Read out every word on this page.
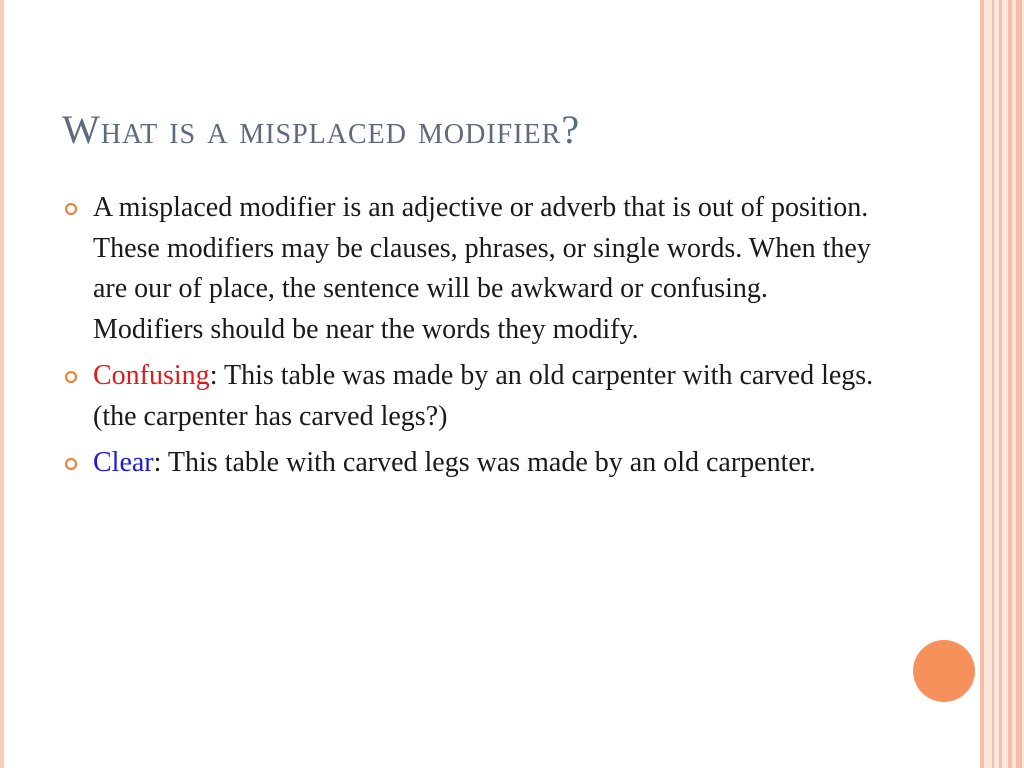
What is a misplaced modifier?
A misplaced modifier is an adjective or adverb that is out of position. These modifiers may be clauses, phrases, or single words. When they are our of place, the sentence will be awkward or confusing. Modifiers should be near the words they modify.
Confusing: This table was made by an old carpenter with carved legs. (the carpenter has carved legs?)
Clear: This table with carved legs was made by an old carpenter.
